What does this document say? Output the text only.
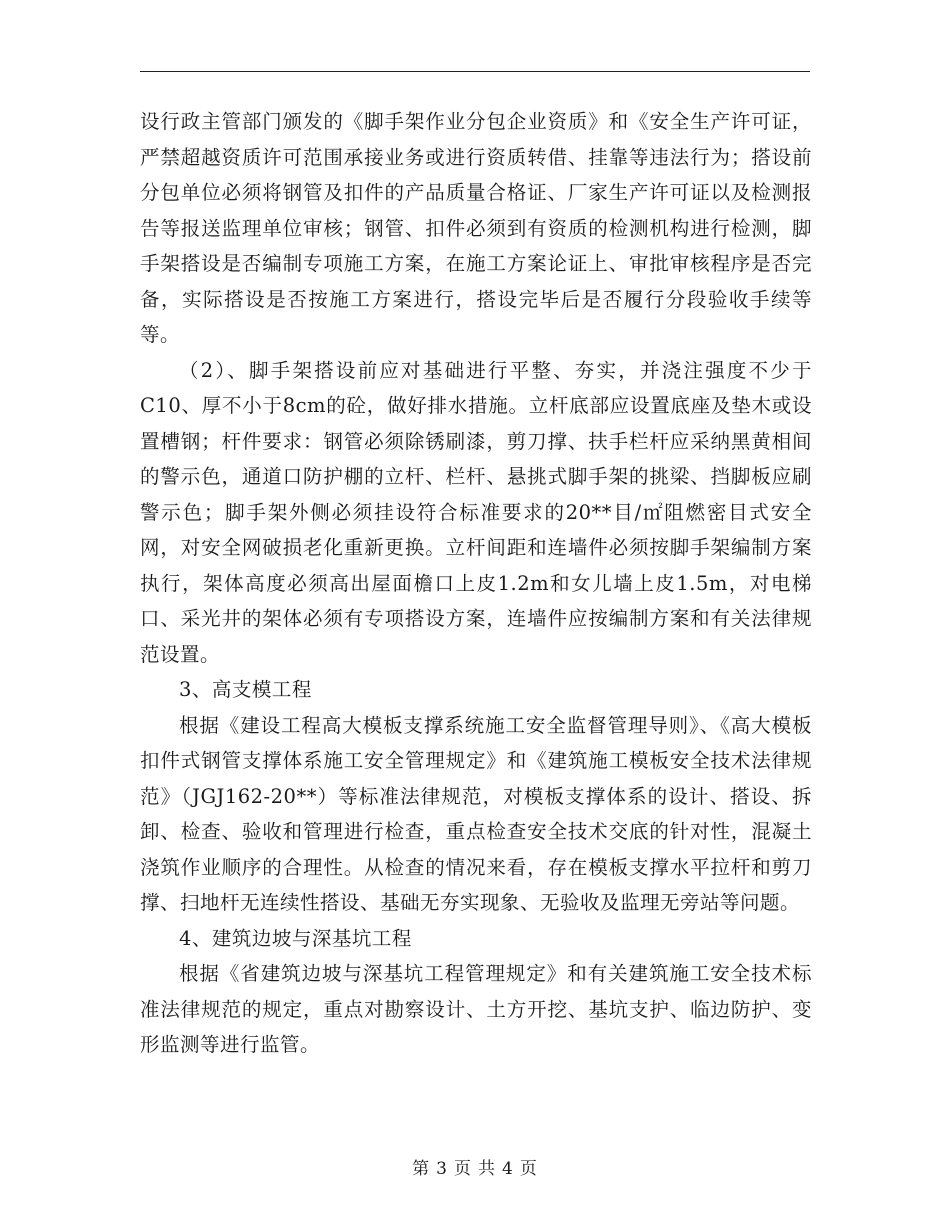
设行政主管部门颁发的《脚手架作业分包企业资质》和《安全生产许可证，严禁超越资质许可范围承接业务或进行资质转借、挂靠等违法行为；搭设前分包单位必须将钢管及扣件的产品质量合格证、厂家生产许可证以及检测报告等报送监理单位审核；钢管、扣件必须到有资质的检测机构进行检测，脚手架搭设是否编制专项施工方案，在施工方案论证上、审批审核程序是否完备，实际搭设是否按施工方案进行，搭设完毕后是否履行分段验收手续等等。

（2）、脚手架搭设前应对基础进行平整、夯实，并浇注强度不少于C10、厚不小于8cm的砼，做好排水措施。立杆底部应设置底座及垫木或设置槽钢；杆件要求：钢管必须除锈刷漆，剪刀撑、扶手栏杆应采纳黑黄相间的警示色，通道口防护棚的立杆、栏杆、悬挑式脚手架的挑梁、挡脚板应刷警示色；脚手架外侧必须挂设符合标准要求的20**目/㎡阻燃密目式安全网，对安全网破损老化重新更换。立杆间距和连墙件必须按脚手架编制方案执行，架体高度必须高出屋面檐口上皮1.2m和女儿墙上皮1.5m，对电梯口、采光井的架体必须有专项搭设方案，连墙件应按编制方案和有关法律规范设置。

3、高支模工程

根据《建设工程高大模板支撑系统施工安全监督管理导则》、《高大模板扣件式钢管支撑体系施工安全管理规定》和《建筑施工模板安全技术法律规范》（JGJ162-20**）等标准法律规范，对模板支撑体系的设计、搭设、拆卸、检查、验收和管理进行检查，重点检查安全技术交底的针对性，混凝土浇筑作业顺序的合理性。从检查的情况来看，存在模板支撑水平拉杆和剪刀撑、扫地杆无连续性搭设、基础无夯实现象、无验收及监理无旁站等问题。

4、建筑边坡与深基坑工程

根据《省建筑边坡与深基坑工程管理规定》和有关建筑施工安全技术标准法律规范的规定，重点对勘察设计、土方开挖、基坑支护、临边防护、变形监测等进行监管。

第 3 页 共 4 页
